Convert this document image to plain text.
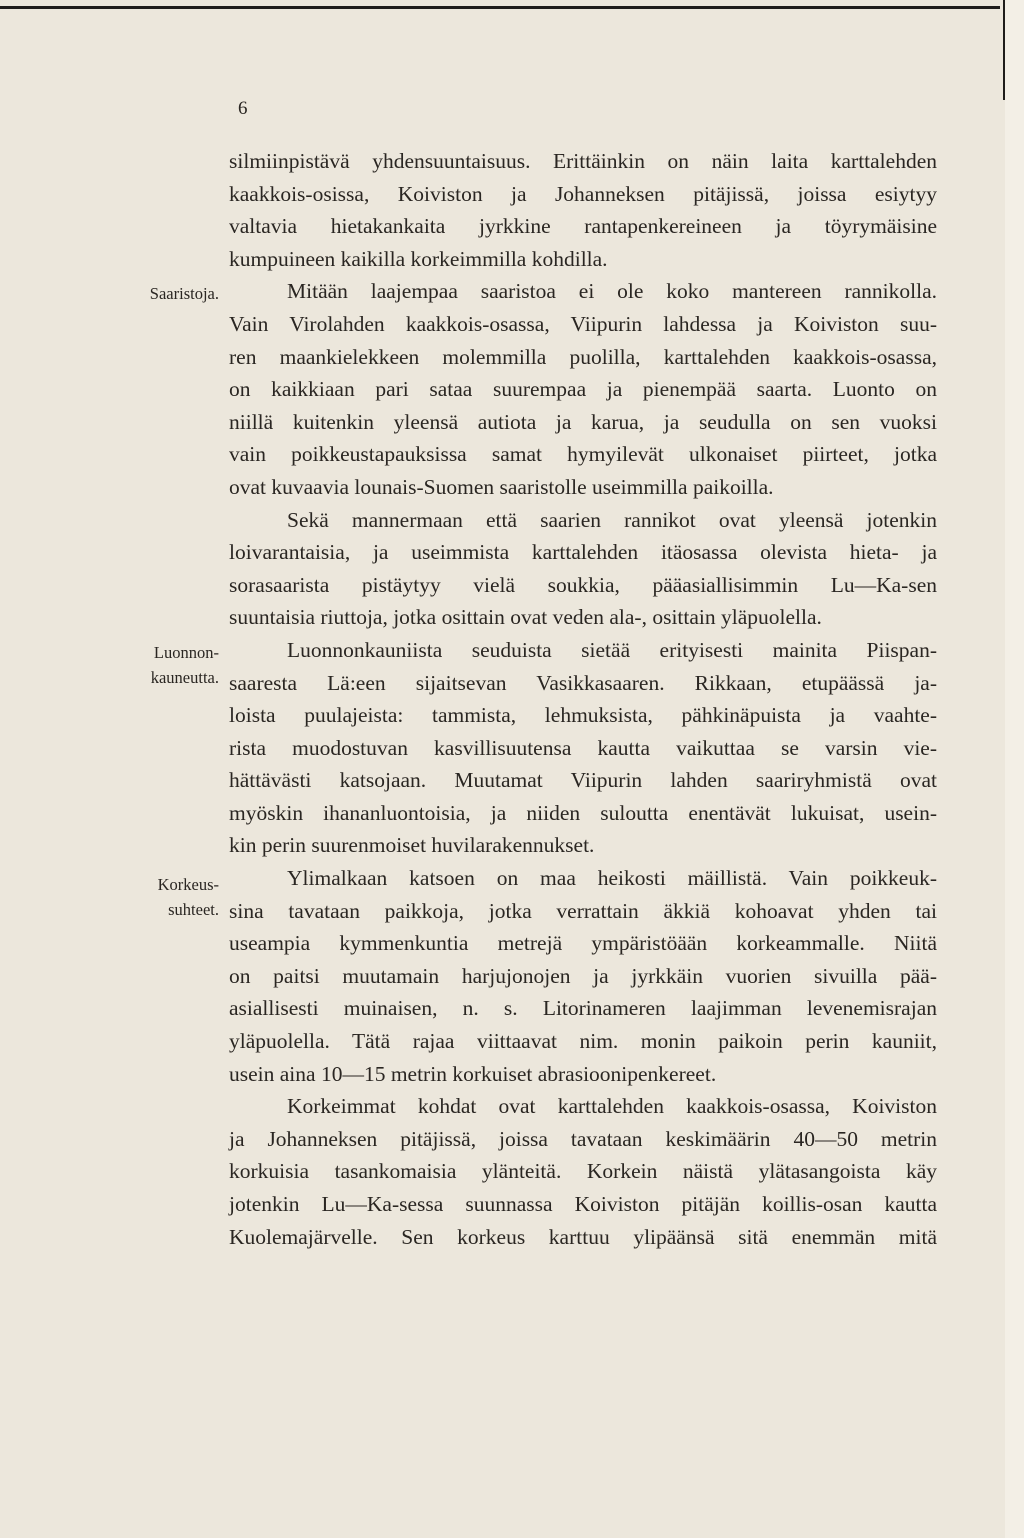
6
Saaristoja.
Luonnon-
kauneutta.
Korkeus-
suhteet.
silmiinpistävä yhdensuuntaisuus. Erittäinkin on näin laita karttalehden
kaakkois-osissa, Koiviston ja Johanneksen pitäjissä, joissa esiytyy
valtavia hietakankaita jyrkkine rantapenkereineen ja töyrymäisine
kumpuineen kaikilla korkeimmilla kohdilla.
Mitään laajempaa saaristoa ei ole koko mantereen rannikolla.
Vain Virolahden kaakkois-osassa, Viipurin lahdessa ja Koiviston suu-
ren maankielekkeen molemmilla puolilla, karttalehden kaakkois-osassa,
on kaikkiaan pari sataa suurempaa ja pienempää saarta. Luonto on
niillä kuitenkin yleensä autiota ja karua, ja seudulla on sen vuoksi
vain poikkeustapauksissa samat hymyilevät ulkonaiset piirteet, jotka
ovat kuvaavia lounais-Suomen saaristolle useimmilla paikoilla.
Sekä mannermaan että saarien rannikot ovat yleensä jotenkin
loivarantaisia, ja useimmista karttalehden itäosassa olevista hieta- ja
sorasaarista pistäytyy vielä soukkia, pääasiallisimmin Lu—Ka-sen
suuntaisia riuttoja, jotka osittain ovat veden ala-, osittain yläpuolella.
Luonnonkauniista seuduista sietää erityisesti mainita Piispan-
saaresta Lä:een sijaitsevan Vasikkasaaren. Rikkaan, etupäässä ja-
loista puulajeista: tammista, lehmuksista, pähkinäpuista ja vaahte-
rista muodostuvan kasvillisuutensa kautta vaikuttaa se varsin vie-
hättävästi katsojaan. Muutamat Viipurin lahden saariryhmistä ovat
myöskin ihananluontoisia, ja niiden suloutta enentävät lukuisat, usein-
kin perin suurenmoiset huvilarakennukset.
Ylimalkaan katsoen on maa heikosti mäillistä. Vain poikkeuk-
sina tavataan paikkoja, jotka verrattain äkkiä kohoavat yhden tai
useampia kymmenkuntia metrejä ympäristöään korkeammalle. Niitä
on paitsi muutamain harjujonojen ja jyrkkäin vuorien sivuilla pää-
asiallisesti muinaisen, n. s. Litorinameren laajimman levenemisrajan
yläpuolella. Tätä rajaa viittaavat nim. monin paikoin perin kauniit,
usein aina 10—15 metrin korkuiset abrasioonipenkereet.
Korkeimmat kohdat ovat karttalehden kaakkois-osassa, Koiviston
ja Johanneksen pitäjissä, joissa tavataan keskimäärin 40—50 metrin
korkuisia tasankomaisia ylänteitä. Korkein näistä ylätasangoista käy
jotenkin Lu—Ka-sessa suunnassa Koiviston pitäjän koillis-osan kautta
Kuolemajärvelle. Sen korkeus karttuu ylipäänsä sitä enemmän mitä
